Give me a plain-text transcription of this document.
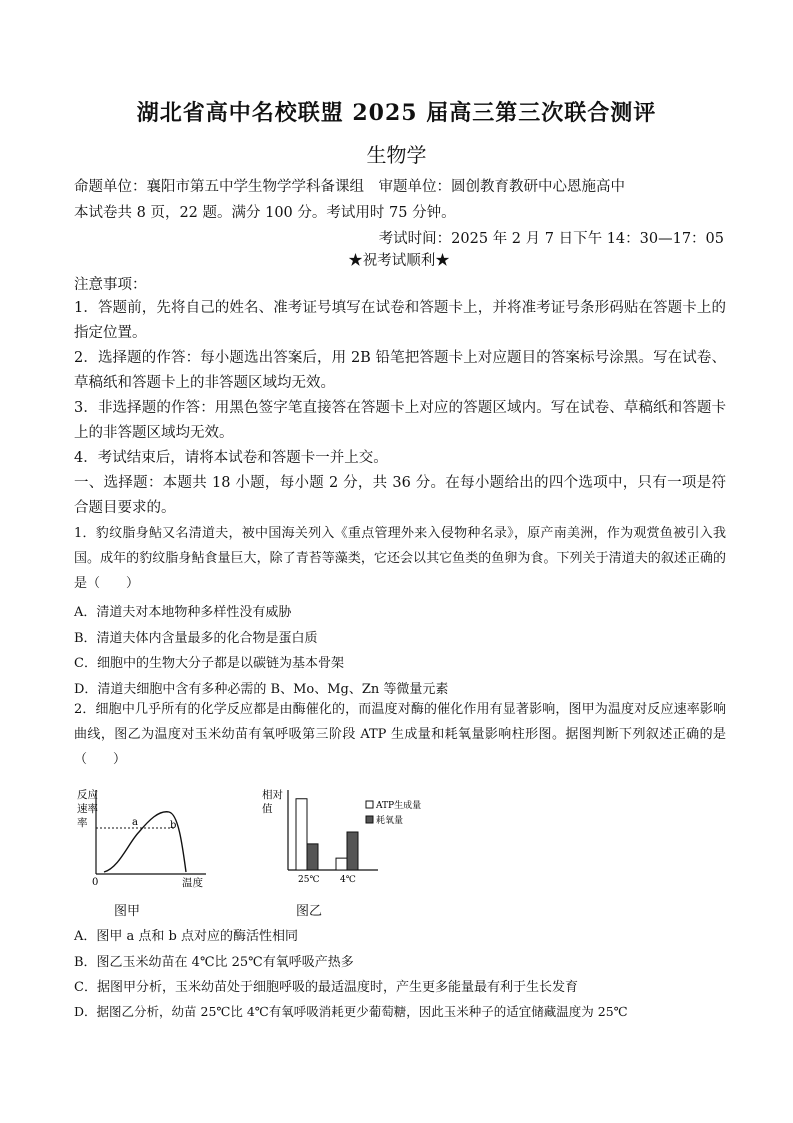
湖北省高中名校联盟 2025 届高三第三次联合测评
生物学
命题单位：襄阳市第五中学生物学学科备课组　审题单位：圆创教育教研中心恩施高中
本试卷共 8 页，22 题。满分 100 分。考试用时 75 分钟。
考试时间：2025 年 2 月 7 日下午 14：30—17：05
★祝考试顺利★
注意事项：
1．答题前，先将自己的姓名、准考证号填写在试卷和答题卡上，并将准考证号条形码贴在答题卡上的指定位置。
2．选择题的作答：每小题选出答案后，用 2B 铅笔把答题卡上对应题目的答案标号涂黑。写在试卷、草稿纸和答题卡上的非答题区域均无效。
3．非选择题的作答：用黑色签字笔直接答在答题卡上对应的答题区域内。写在试卷、草稿纸和答题卡上的非答题区域均无效。
4．考试结束后，请将本试卷和答题卡一并上交。
一、选择题：本题共 18 小题，每小题 2 分，共 36 分。在每小题给出的四个选项中，只有一项是符合题目要求的。
1．豹纹脂身鲇又名清道夫，被中国海关列入《重点管理外来入侵物种名录》，原产南美洲，作为观赏鱼被引入我国。成年的豹纹脂身鲇食量巨大，除了青苔等藻类，它还会以其它鱼类的鱼卵为食。下列关于清道夫的叙述正确的是（　　）
A．清道夫对本地物种多样性没有威胁
B．清道夫体内含量最多的化合物是蛋白质
C．细胞中的生物大分子都是以碳链为基本骨架
D．清道夫细胞中含有多种必需的 B、Mo、Mg、Zn 等微量元素
2．细胞中几乎所有的化学反应都是由酶催化的，而温度对酶的催化作用有显著影响，图甲为温度对反应速率影响曲线，图乙为温度对玉米幼苗有氧呼吸第三阶段 ATP 生成量和耗氧量影响柱形图。据图判断下列叙述正确的是（　　）
反应
速率
率	a	b
0	温度
图甲
相对
值	ATP生成量
耗氧量
25℃ 4℃
图乙
A．图甲 a 点和 b 点对应的酶活性相同
B．图乙玉米幼苗在 4℃比 25℃有氧呼吸产热多
C．据图甲分析，玉米幼苗处于细胞呼吸的最适温度时，产生更多能量最有利于生长发育
D．据图乙分析，幼苗 25℃比 4℃有氧呼吸消耗更少葡萄糖，因此玉米种子的适宜储藏温度为 25℃
